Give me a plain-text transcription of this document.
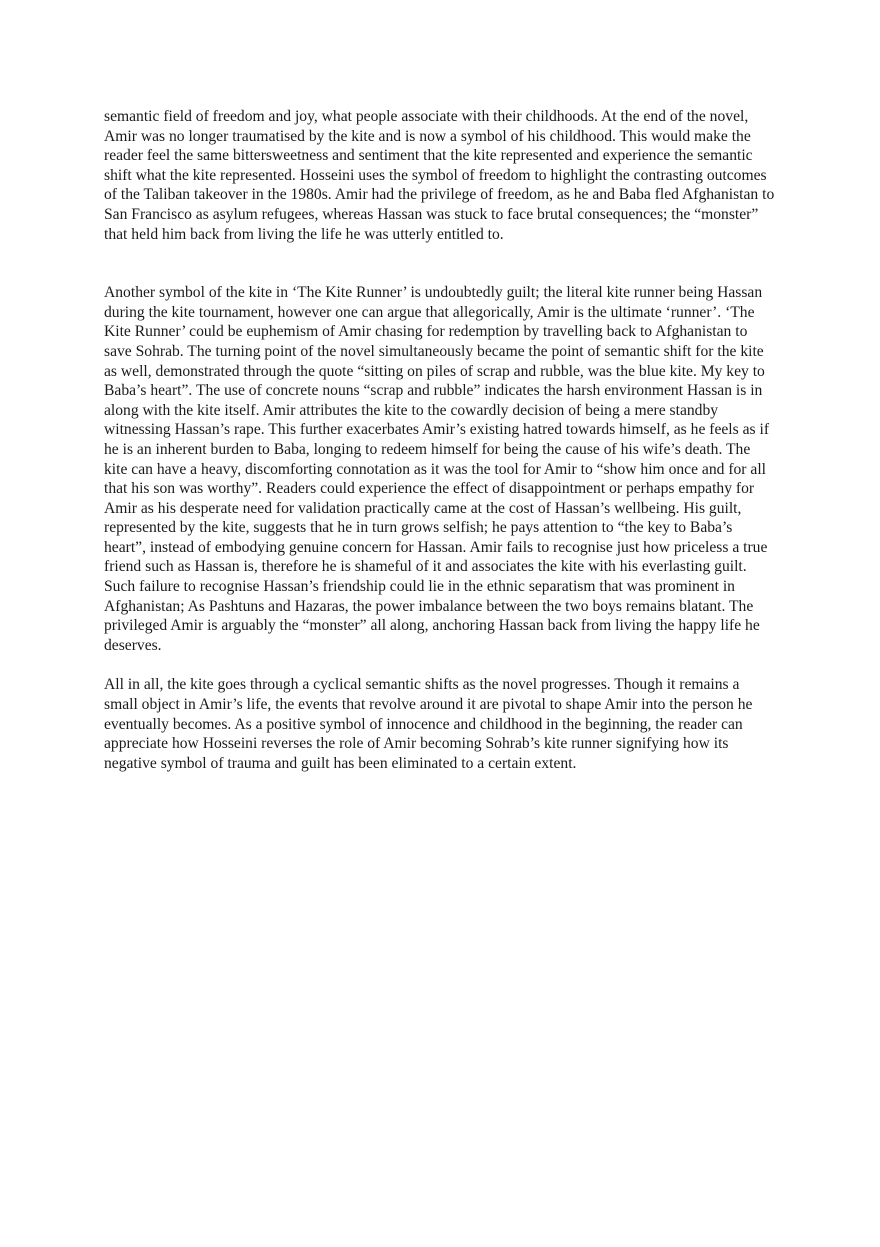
semantic field of freedom and joy, what people associate with their childhoods. At the end of the novel, Amir was no longer traumatised by the kite and is now a symbol of his childhood. This would make the reader feel the same bittersweetness and sentiment that the kite represented and experience the semantic shift what the kite represented. Hosseini uses the symbol of freedom to highlight the contrasting outcomes of the Taliban takeover in the 1980s. Amir had the privilege of freedom, as he and Baba fled Afghanistan to San Francisco as asylum refugees, whereas Hassan was stuck to face brutal consequences; the “monster” that held him back from living the life he was utterly entitled to.

Another symbol of the kite in ‘The Kite Runner’ is undoubtedly guilt; the literal kite runner being Hassan during the kite tournament, however one can argue that allegorically, Amir is the ultimate ‘runner’. ‘The Kite Runner’ could be euphemism of Amir chasing for redemption by travelling back to Afghanistan to save Sohrab. The turning point of the novel simultaneously became the point of semantic shift for the kite as well, demonstrated through the quote “sitting on piles of scrap and rubble, was the blue kite. My key to Baba’s heart”. The use of concrete nouns “scrap and rubble” indicates the harsh environment Hassan is in along with the kite itself. Amir attributes the kite to the cowardly decision of being a mere standby witnessing Hassan’s rape. This further exacerbates Amir’s existing hatred towards himself, as he feels as if he is an inherent burden to Baba, longing to redeem himself for being the cause of his wife’s death. The kite can have a heavy, discomforting connotation as it was the tool for Amir to “show him once and for all that his son was worthy”. Readers could experience the effect of disappointment or perhaps empathy for Amir as his desperate need for validation practically came at the cost of Hassan’s wellbeing. His guilt, represented by the kite, suggests that he in turn grows selfish; he pays attention to “the key to Baba’s heart”, instead of embodying genuine concern for Hassan. Amir fails to recognise just how priceless a true friend such as Hassan is, therefore he is shameful of it and associates the kite with his everlasting guilt. Such failure to recognise Hassan’s friendship could lie in the ethnic separatism that was prominent in Afghanistan; As Pashtuns and Hazaras, the power imbalance between the two boys remains blatant. The privileged Amir is arguably the “monster” all along, anchoring Hassan back from living the happy life he deserves.

All in all, the kite goes through a cyclical semantic shifts as the novel progresses. Though it remains a small object in Amir’s life, the events that revolve around it are pivotal to shape Amir into the person he eventually becomes. As a positive symbol of innocence and childhood in the beginning, the reader can appreciate how Hosseini reverses the role of Amir becoming Sohrab’s kite runner signifying how its negative symbol of trauma and guilt has been eliminated to a certain extent.
